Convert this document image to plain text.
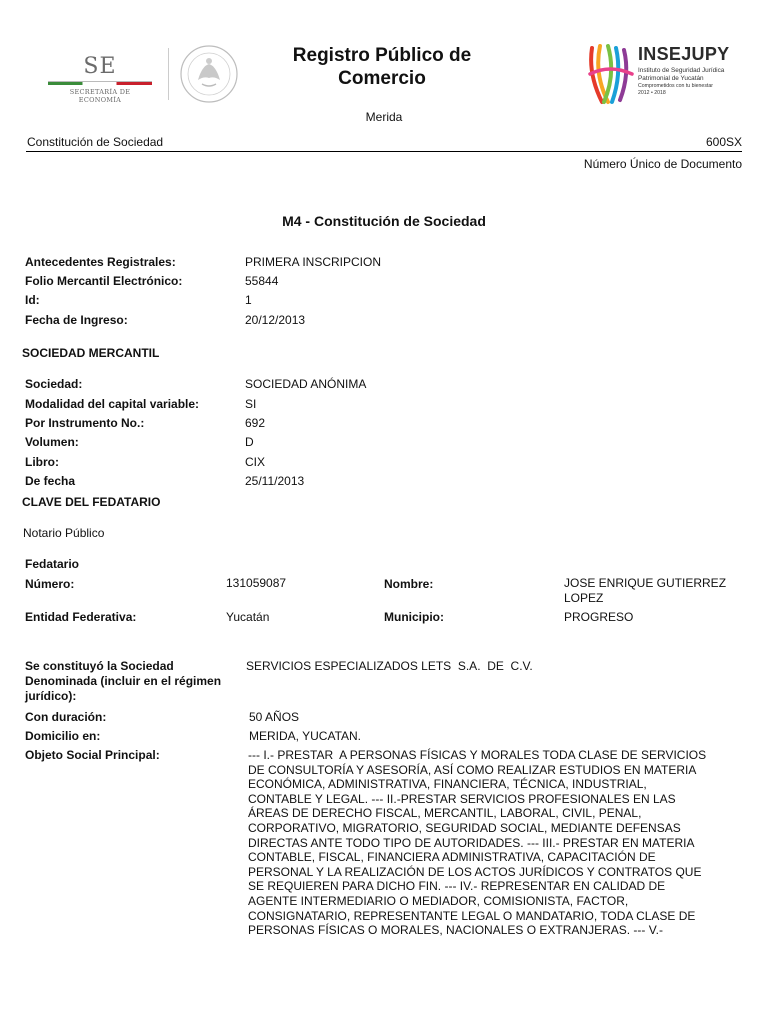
SE
SECRETARÍA DE ECONOMÍA
Registro Público de
Comercio
Merida
INSEJUPY
Instituto de Seguridad Jurídica
Patrimonial de Yucatán
Comprometidos con tu bienestar
2012 • 2018
Constitución de Sociedad	600SX
Número Único de Documento
M4 - Constitución de Sociedad
Antecedentes Registrales:	PRIMERA INSCRIPCION
Folio Mercantil Electrónico:	55844
Id:	1
Fecha de Ingreso:	20/12/2013
SOCIEDAD MERCANTIL
Sociedad:	SOCIEDAD ANÓNIMA
Modalidad del capital variable:	SI
Por Instrumento No.:	692
Volumen:	D
Libro:	CIX
De fecha	25/11/2013
CLAVE DEL FEDATARIO
Notario Público
Fedatario
Número:	131059087	Nombre:	JOSE ENRIQUE GUTIERREZ
LOPEZ
Entidad Federativa:	Yucatán	Municipio:	PROGRESO
Se constituyó la Sociedad
Denominada (incluir en el régimen
jurídico):
SERVICIOS ESPECIALIZADOS LETS  S.A.  DE  C.V.
Con duración:	50 AÑOS
Domicilio en:	MERIDA, YUCATAN.
Objeto Social Principal:	--- I.- PRESTAR  A PERSONAS FÍSICAS Y MORALES TODA CLASE DE SERVICIOS
DE CONSULTORÍA Y ASESORÍA, ASÍ COMO REALIZAR ESTUDIOS EN MATERIA
ECONÓMICA, ADMINISTRATIVA, FINANCIERA, TÉCNICA, INDUSTRIAL,
CONTABLE Y LEGAL. --- II.-PRESTAR SERVICIOS PROFESIONALES EN LAS
ÁREAS DE DERECHO FISCAL, MERCANTIL, LABORAL, CIVIL, PENAL,
CORPORATIVO, MIGRATORIO, SEGURIDAD SOCIAL, MEDIANTE DEFENSAS
DIRECTAS ANTE TODO TIPO DE AUTORIDADES. --- III.- PRESTAR EN MATERIA
CONTABLE, FISCAL, FINANCIERA ADMINISTRATIVA, CAPACITACIÓN DE
PERSONAL Y LA REALIZACIÓN DE LOS ACTOS JURÍDICOS Y CONTRATOS QUE
SE REQUIEREN PARA DICHO FIN. --- IV.- REPRESENTAR EN CALIDAD DE
AGENTE INTERMEDIARIO O MEDIADOR, COMISIONISTA, FACTOR,
CONSIGNATARIO, REPRESENTANTE LEGAL O MANDATARIO, TODA CLASE DE
PERSONAS FÍSICAS O MORALES, NACIONALES O EXTRANJERAS. --- V.-
